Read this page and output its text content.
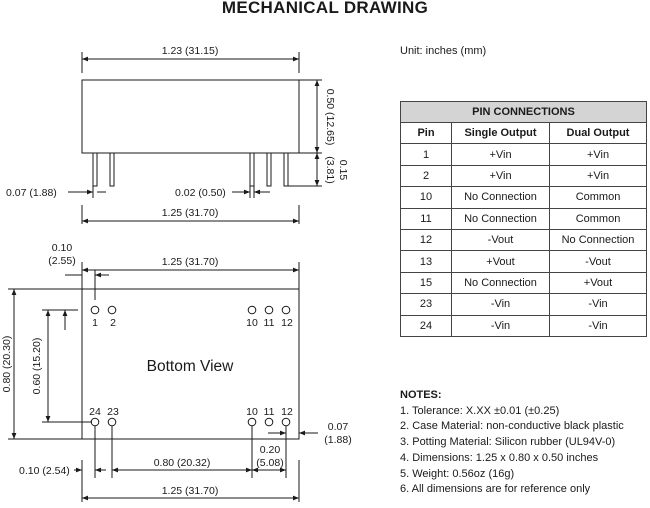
MECHANICAL DRAWING
1.23 (31.15)
0.50 (12.65)
(3.81) 0.15
0.07 (1.88)	0.02 (0.50)
1.25 (31.70)
0.10
(2.55)	1.25 (31.70)
0.80 (20.30) 0.60 (15.20)
1 2	10 11 12
24 23	10 11 12
Bottom View
0.07
(1.88)
0.20
(5.08)
0.10 (2.54)
0.80 (20.32)
1.25 (31.70)
Unit: inches (mm)
PIN CONNECTIONS		
Pin	Single Output	Dual Output
1	+Vin	+Vin
2	+Vin	+Vin
10	No Connection	Common
11	No Connection	Common
12	-Vout	No Connection
13	+Vout	-Vout
15	No Connection	+Vout
23	-Vin	-Vin
24	-Vin	-Vin
NOTES:
1. Tolerance: X.XX ±0.01 (±0.25)
2. Case Material: non-conductive black plastic
3. Potting Material: Silicon rubber (UL94V-0)
4. Dimensions: 1.25 x 0.80 x 0.50 inches
5. Weight: 0.56oz (16g)
6. All dimensions are for reference only
